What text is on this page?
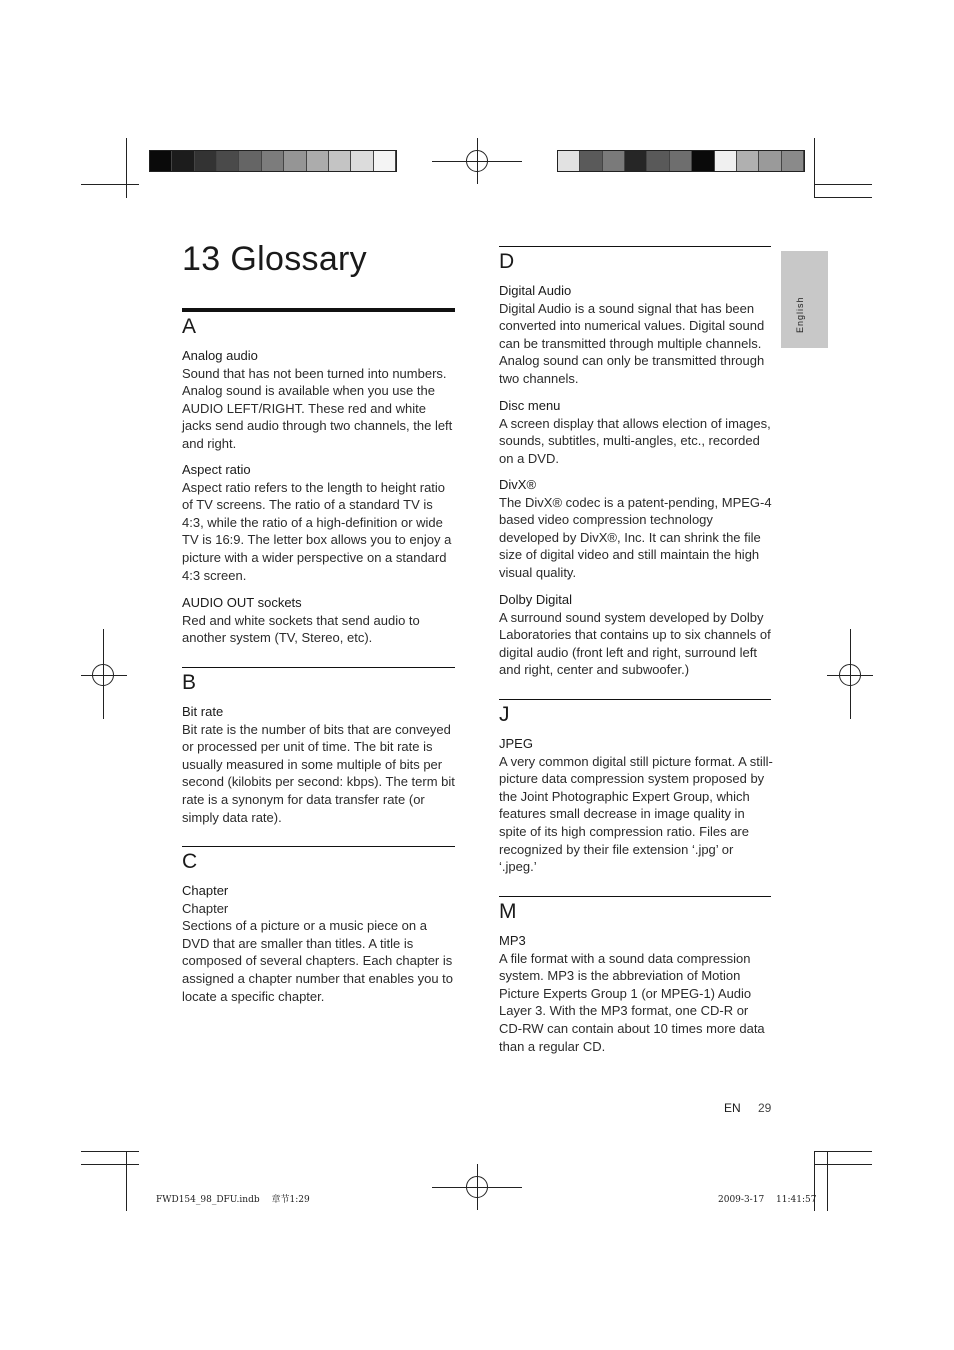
English
13 Glossary
A
Analog audio
Sound that has not been turned into numbers. Analog sound is available when you use the AUDIO LEFT/RIGHT. These red and white jacks send audio through two channels, the left and right.
Aspect ratio
Aspect ratio refers to the length to height ratio of TV screens. The ratio of a standard TV is 4:3, while the ratio of a high-definition or wide TV is 16:9. The letter box allows you to enjoy a picture with a wider perspective on a standard 4:3 screen.
AUDIO OUT sockets
Red and white sockets that send audio to another system (TV, Stereo, etc).
B
Bit rate
Bit rate is the number of bits that are conveyed or processed per unit of time. The bit rate is usually measured in some multiple of bits per second (kilobits per second: kbps). The term bit rate is a synonym for data transfer rate (or simply data rate).
C
Chapter
Chapter
Sections of a picture or a music piece on a DVD that are smaller than titles. A title is composed of several chapters. Each chapter is assigned a chapter number that enables you to locate a specific chapter.
D
Digital Audio
Digital Audio is a sound signal that has been converted into numerical values. Digital sound can be transmitted through multiple channels. Analog sound can only be transmitted through two channels.
Disc menu
A screen display that allows election of images, sounds, subtitles, multi-angles, etc., recorded on a DVD.
DivX®
The DivX® codec is a patent-pending, MPEG-4 based video compression technology developed by DivX®, Inc. It can shrink the file size of digital video and still maintain the high visual quality.
Dolby Digital
A surround sound system developed by Dolby Laboratories that contains up to six channels of digital audio (front left and right, surround left and right, center and subwoofer.)
J
JPEG
A very common digital still picture format. A still-picture data compression system proposed by the Joint Photographic Expert Group, which features small decrease in image quality in spite of its high compression ratio. Files are recognized by their file extension ‘.jpg’ or ‘.jpeg.’
M
MP3
A file format with a sound data compression system. MP3 is the abbreviation of Motion Picture Experts Group 1 (or MPEG-1) Audio Layer 3. With the MP3 format, one CD-R or CD-RW can contain about 10 times more data than a regular CD.
EN 29
FWD154_98_DFU.indb　 章节1:29	2009-3-17　 11:41:57
